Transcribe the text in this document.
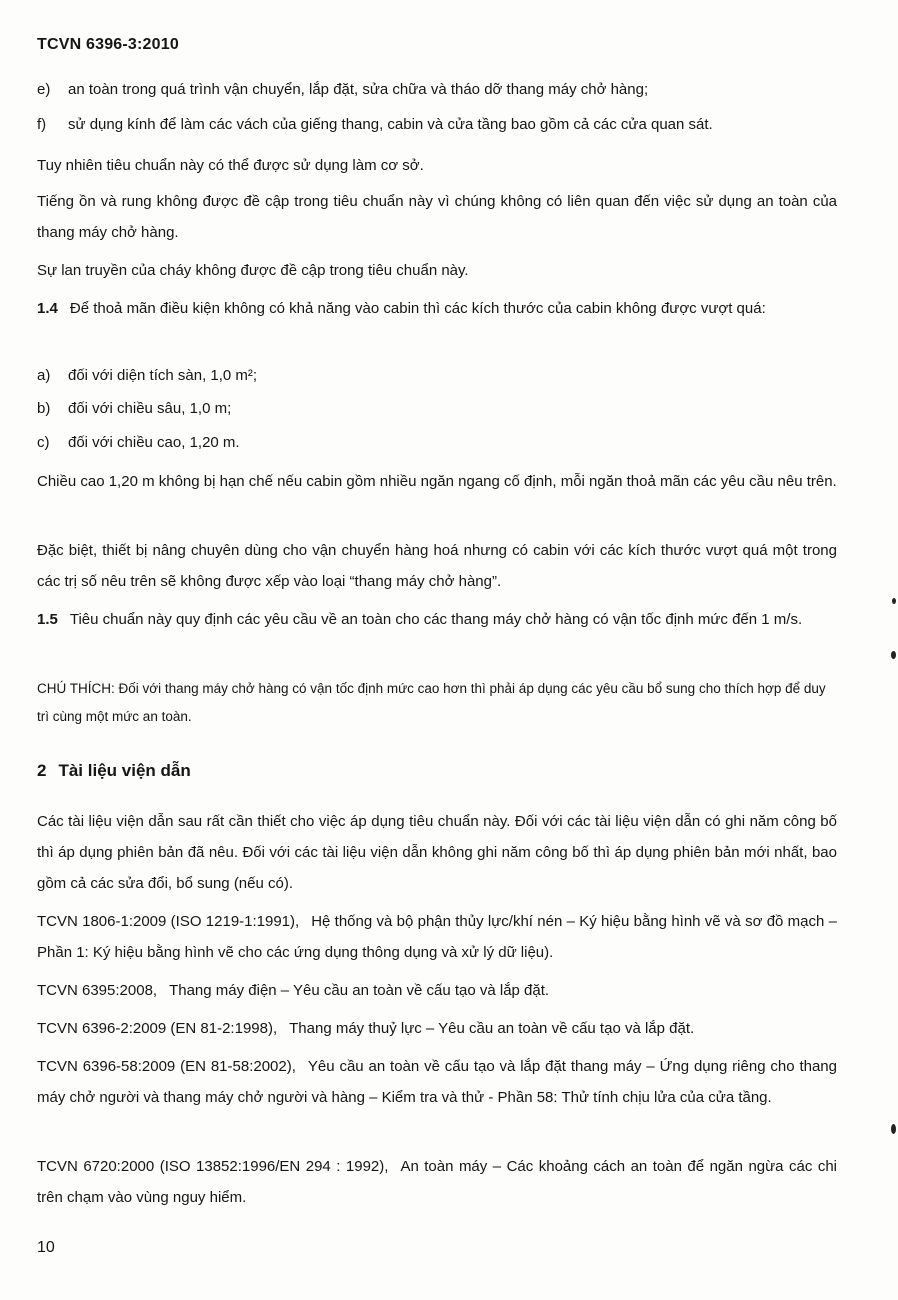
TCVN 6396-3:2010
e) an toàn trong quá trình vận chuyển, lắp đặt, sửa chữa và tháo dỡ thang máy chở hàng;
f) sử dụng kính để làm các vách của giếng thang, cabin và cửa tầng bao gồm cả các cửa quan sát.
Tuy nhiên tiêu chuẩn này có thể được sử dụng làm cơ sở.
Tiếng ồn và rung không được đề cập trong tiêu chuẩn này vì chúng không có liên quan đến việc sử dụng an toàn của thang máy chở hàng.
Sự lan truyền của cháy không được đề cập trong tiêu chuẩn này.
1.4 Để thoả mãn điều kiện không có khả năng vào cabin thì các kích thước của cabin không được vượt quá:
a) đối với diện tích sàn, 1,0 m²;
b) đối với chiều sâu, 1,0 m;
c) đối với chiều cao, 1,20 m.
Chiều cao 1,20 m không bị hạn chế nếu cabin gồm nhiều ngăn ngang cố định, mỗi ngăn thoả mãn các yêu cầu nêu trên.
Đặc biệt, thiết bị nâng chuyên dùng cho vận chuyển hàng hoá nhưng có cabin với các kích thước vượt quá một trong các trị số nêu trên sẽ không được xếp vào loại “thang máy chở hàng”.
1.5 Tiêu chuẩn này quy định các yêu cầu về an toàn cho các thang máy chở hàng có vận tốc định mức đến 1 m/s.
CHÚ THÍCH: Đối với thang máy chở hàng có vận tốc định mức cao hơn thì phải áp dụng các yêu cầu bổ sung cho thích hợp để duy trì cùng một mức an toàn.
2 Tài liệu viện dẫn
Các tài liệu viện dẫn sau rất cần thiết cho việc áp dụng tiêu chuẩn này. Đối với các tài liệu viện dẫn có ghi năm công bố thì áp dụng phiên bản đã nêu. Đối với các tài liệu viện dẫn không ghi năm công bố thì áp dụng phiên bản mới nhất, bao gồm cả các sửa đổi, bổ sung (nếu có).
TCVN 1806-1:2009 (ISO 1219-1:1991), Hệ thống và bộ phận thủy lực/khí nén – Ký hiệu bằng hình vẽ và sơ đồ mạch – Phần 1: Ký hiệu bằng hình vẽ cho các ứng dụng thông dụng và xử lý dữ liệu).
TCVN 6395:2008, Thang máy điện – Yêu cầu an toàn về cấu tạo và lắp đặt.
TCVN 6396-2:2009 (EN 81-2:1998), Thang máy thuỷ lực – Yêu cầu an toàn về cấu tạo và lắp đặt.
TCVN 6396-58:2009 (EN 81-58:2002), Yêu cầu an toàn về cấu tạo và lắp đặt thang máy – Ứng dụng riêng cho thang máy chở người và thang máy chở người và hàng – Kiểm tra và thử - Phần 58: Thử tính chịu lửa của cửa tầng.
TCVN 6720:2000 (ISO 13852:1996/EN 294 : 1992), An toàn máy – Các khoảng cách an toàn để ngăn ngừa các chi trên chạm vào vùng nguy hiểm.
10
